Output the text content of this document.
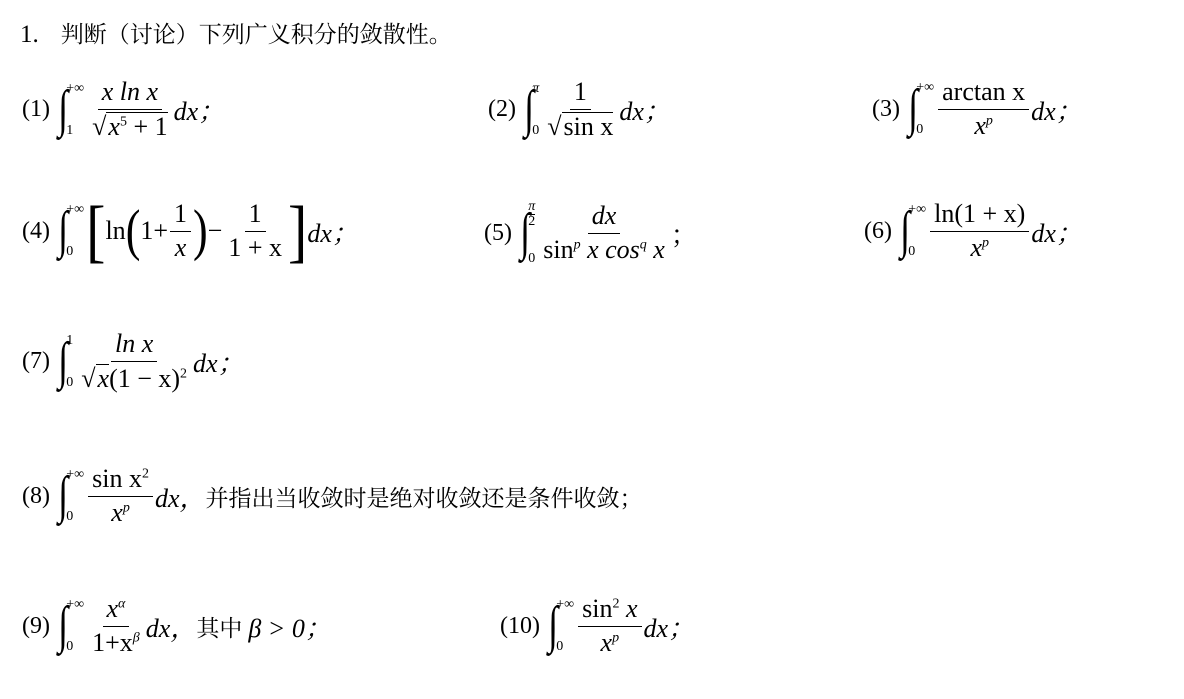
1. 判断（讨论）下列广义积分的敛散性。
(1) ∫
+∞
$1 \frac{\text{x ln x}}{√x^5 + 1}$ dx；	(2) ∫
π
$0 \frac{1}{\text{√sin x}}$ dx；	(3) ∫
+∞
$0 \frac{\text{arctan x}}{x^p}$ dx；
(4) ∫
+∞
0 [ ln ( $1+ \frac{1}{x}$ ) − $\frac{1}{1 + x}$ ] dx；	(5) ∫
π
2
$0 \frac{dx}{\sin^p x \cos^q x}$ ；	(6) ∫
+∞
$0 \frac{\ln(1 + x)}{x^p}$ dx；
(7) ∫
1
$0 \frac{\text{ln x}}{√x(1 - x)^2}$ dx；
(8) ∫
+∞
$0 \frac{\sin x^2}{x^p}$ dx， 并指出当收敛时是绝对收敛还是条件收敛；
(9) ∫
+∞
$0 \frac{x^\alpha}{1+x^\beta}$ dx， 其中 β > 0；	(10) ∫
+∞
$0 \frac{\sin^2 x}{x^p}$ dx；
